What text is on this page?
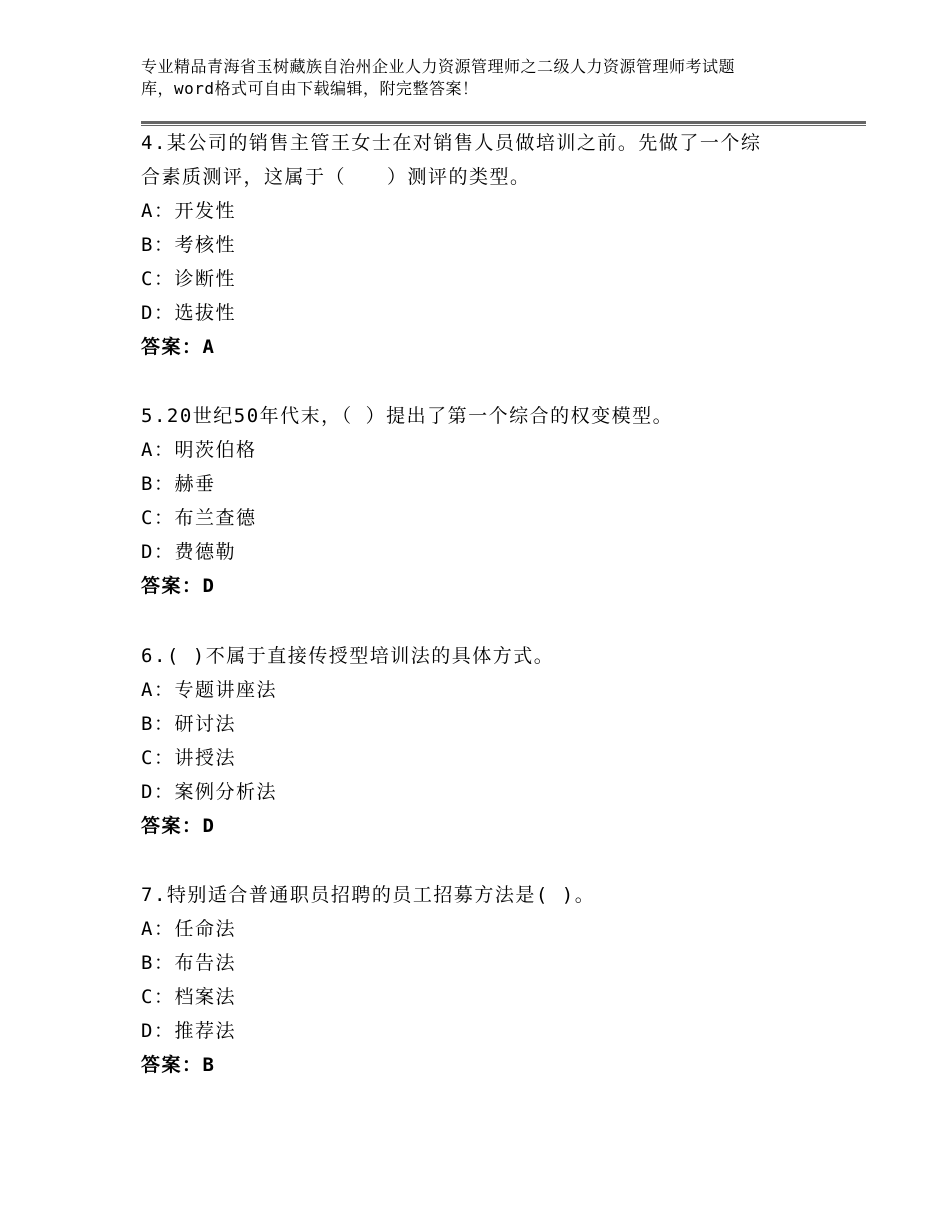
专业精品青海省玉树藏族自治州企业人力资源管理师之二级人力资源管理师考试题
库，word格式可自由下载编辑，附完整答案！
4.某公司的销售主管王女士在对销售人员做培训之前。先做了一个综
合素质测评，这属于（　　）测评的类型。
A：开发性
B：考核性
C：诊断性
D：选拔性
答案：A
5.20世纪50年代末，（ ）提出了第一个综合的权变模型。
A：明茨伯格
B：赫垂
C：布兰查德
D：费德勒
答案：D
6.( )不属于直接传授型培训法的具体方式。
A：专题讲座法
B：研讨法
C：讲授法
D：案例分析法
答案：D
7.特别适合普通职员招聘的员工招募方法是( )。
A：任命法
B：布告法
C：档案法
D：推荐法
答案：B
